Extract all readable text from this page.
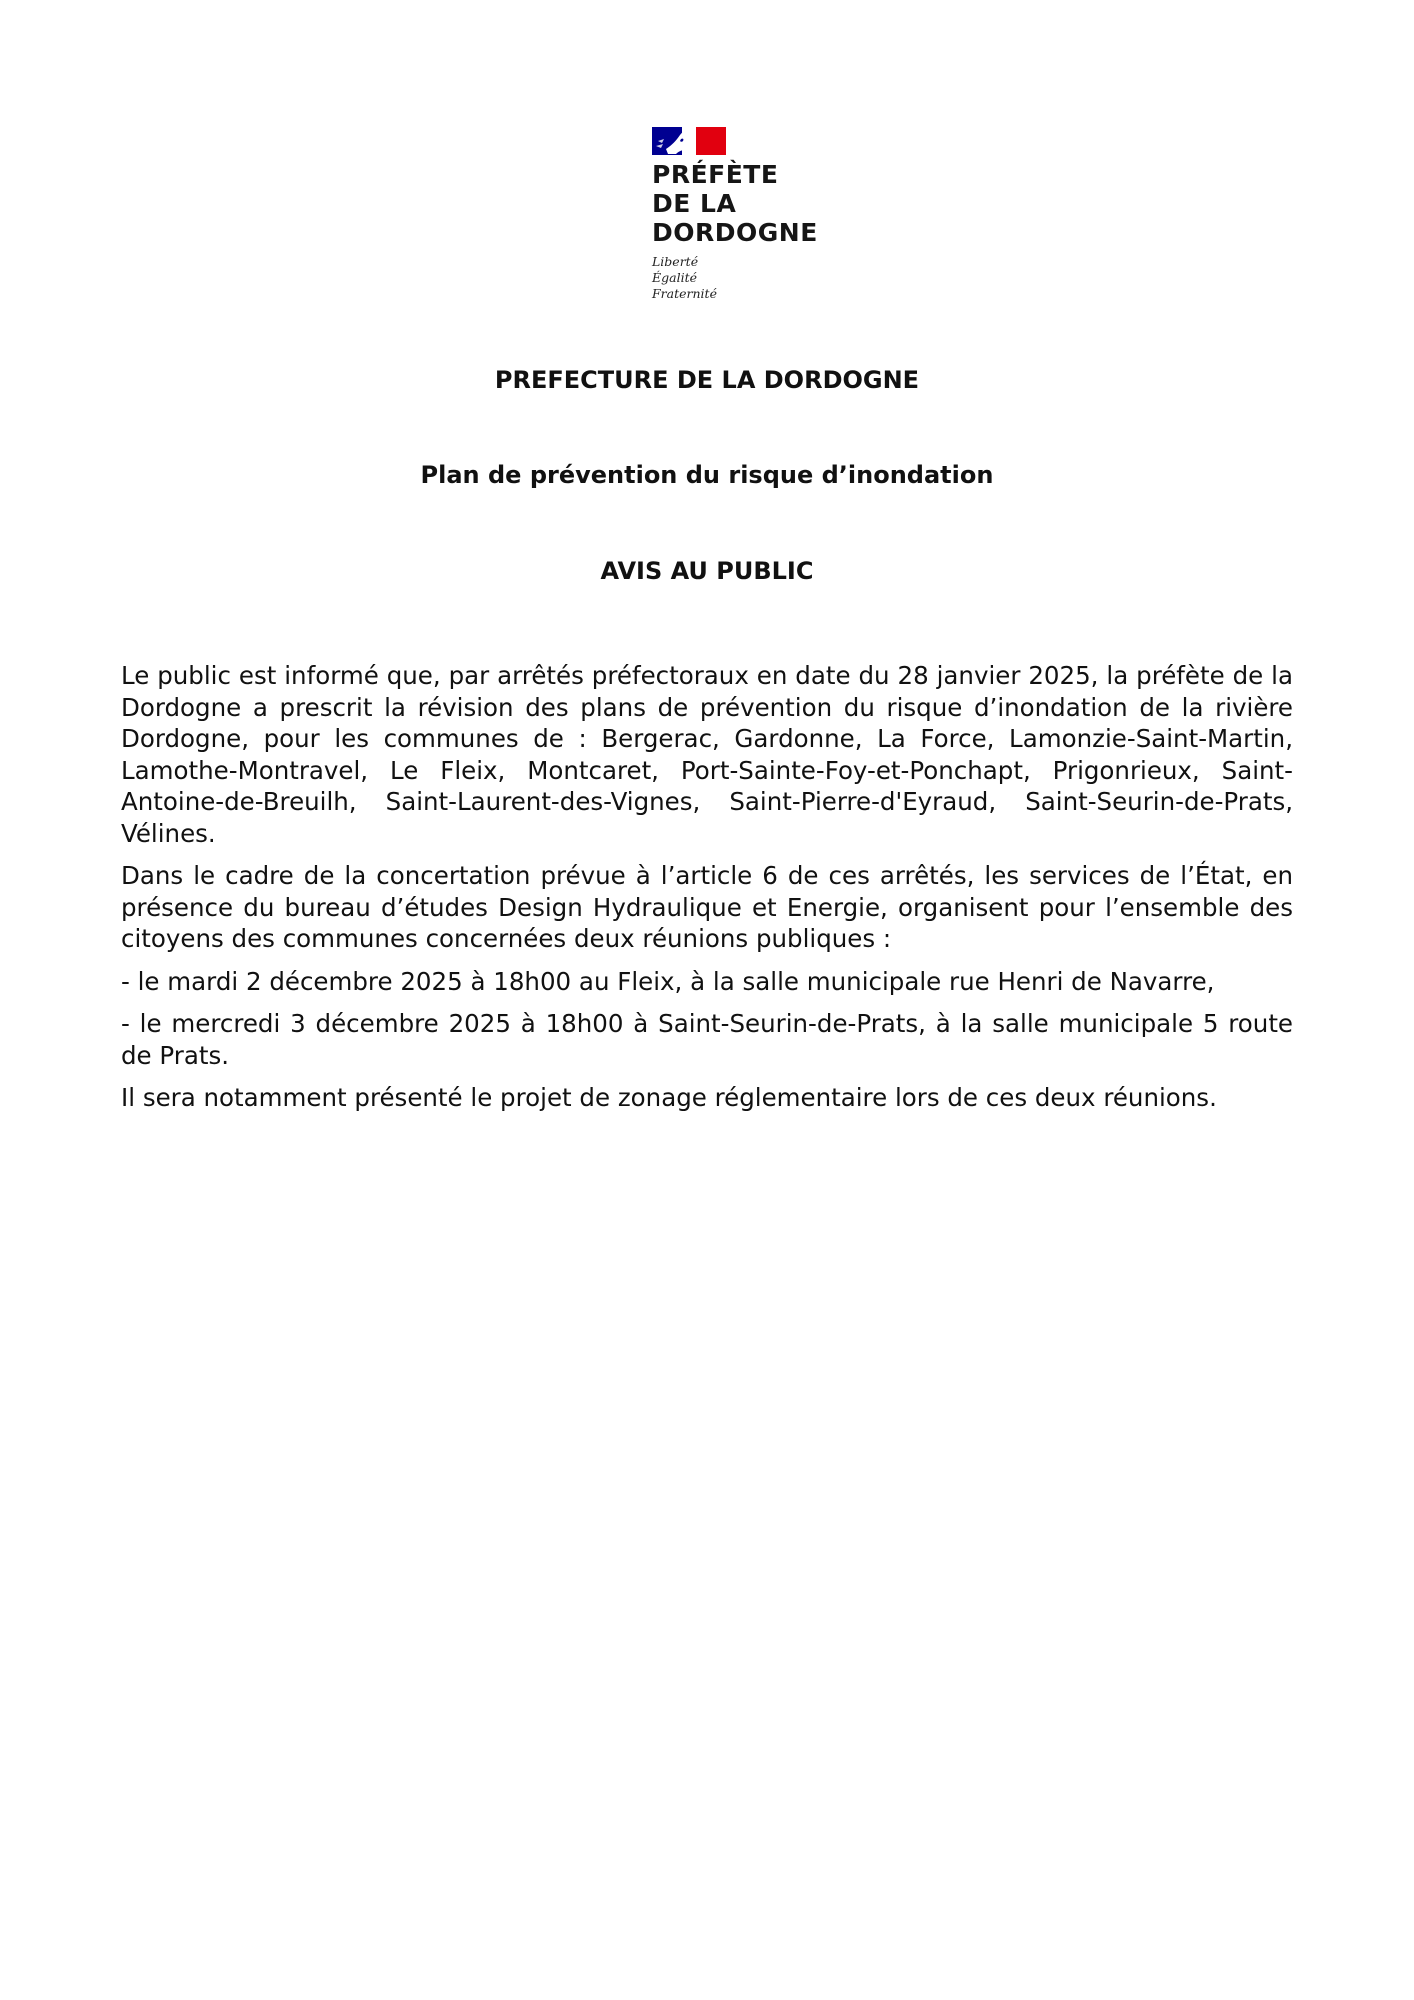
PRÉFÈTE
DE LA
DORDOGNE
Liberté
Égalité
Fraternité
PREFECTURE DE LA DORDOGNE
Plan de prévention du risque d’inondation
AVIS AU PUBLIC

Le public est informé que, par arrêtés préfectoraux en date du 28 janvier 2025, la préfète de la Dordogne a prescrit la révision des plans de prévention du risque d’inondation de la rivière Dordogne, pour les communes de : Bergerac, Gardonne, La Force, Lamonzie-Saint-Martin, Lamothe-Montravel, Le Fleix, Montcaret, Port-Sainte-Foy-et-Ponchapt, Prigonrieux, Saint-Antoine-de-Breuilh, Saint-Laurent-des-Vignes, Saint-Pierre-d'Eyraud, Saint-Seurin-de-Prats, Vélines.

Dans le cadre de la concertation prévue à l’article 6 de ces arrêtés, les services de l’État, en présence du bureau d’études Design Hydraulique et Energie, organisent pour l’ensemble des citoyens des communes concernées deux réunions publiques :

- le mardi 2 décembre 2025 à 18h00 au Fleix, à la salle municipale rue Henri de Navarre,

- le mercredi 3 décembre 2025 à 18h00 à Saint-Seurin-de-Prats, à la salle municipale 5 route de Prats.

Il sera notamment présenté le projet de zonage réglementaire lors de ces deux réunions.
